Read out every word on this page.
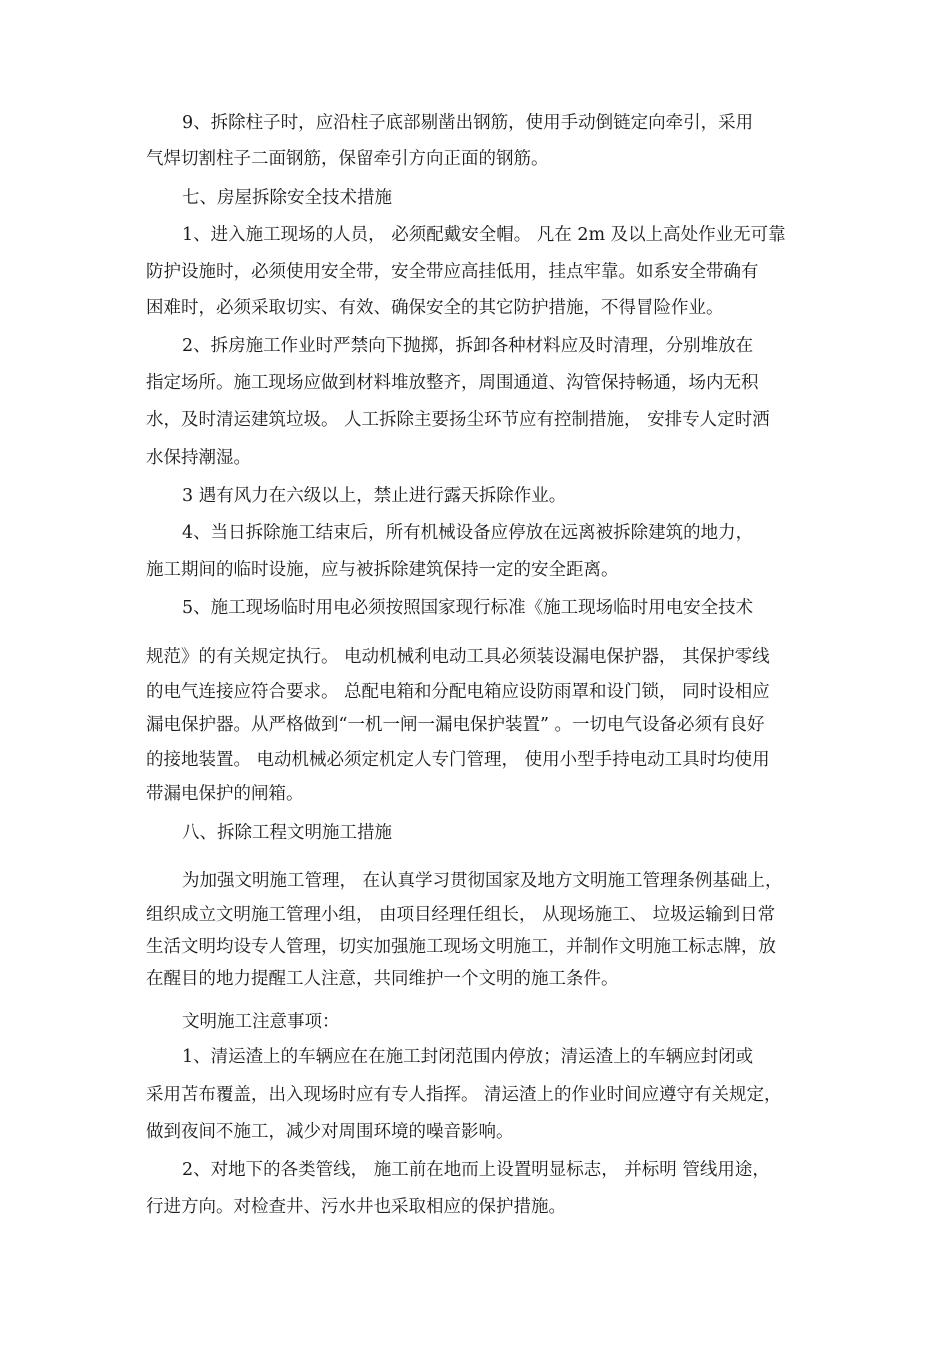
9、拆除柱子时，应沿柱子底部剔凿出钢筋，使用手动倒链定向牵引，采用
气焊切割柱子二面钢筋，保留牵引方向正面的钢筋。
七、房屋拆除安全技术措施
1、进入施工现场的人员， 必须配戴安全帽。 凡在 2m 及以上高处作业无可靠
防护设施时，必须使用安全带，安全带应高挂低用，挂点牢靠。如系安全带确有
困难时，必须采取切实、有效、确保安全的其它防护措施，不得冒险作业。
2、拆房施工作业时严禁向下抛掷，拆卸各种材料应及时清理，分别堆放在
指定场所。施工现场应做到材料堆放整齐，周围通道、沟管保持畅通，场内无积
水，及时清运建筑垃圾。 人工拆除主要扬尘环节应有控制措施， 安排专人定时洒
水保持潮湿。
3 遇有风力在六级以上，禁止进行露天拆除作业。
4、当日拆除施工结束后，所有机械设备应停放在远离被拆除建筑的地力，
施工期间的临时设施，应与被拆除建筑保持一定的安全距离。
5、施工现场临时用电必须按照国家现行标准《施工现场临时用电安全技术
规范》的有关规定执行。 电动机械利电动工具必须装设漏电保护器， 其保护零线
的电气连接应符合要求。 总配电箱和分配电箱应设防雨罩和设门锁， 同时设相应
漏电保护器。从严格做到“一机一闸一漏电保护装置” 。一切电气设备必须有良好
的接地装置。 电动机械必须定机定人专门管理， 使用小型手持电动工具时均使用
带漏电保护的闸箱。
八、拆除工程文明施工措施
为加强文明施工管理， 在认真学习贯彻国家及地方文明施工管理条例基础上，
组织成立文明施工管理小组， 由项目经理任组长， 从现场施工、 垃圾运输到日常
生活文明均设专人管理，切实加强施工现场文明施工，并制作文明施工标志牌，放
在醒目的地力提醒工人注意，共同维护一个文明的施工条件。
文明施工注意事项：
1、清运渣上的车辆应在在施工封闭范围内停放；清运渣上的车辆应封闭或
采用苫布覆盖，出入现场时应有专人指挥。 清运渣上的作业时间应遵守有关规定，
做到夜间不施工，减少对周围环境的噪音影响。
2、对地下的各类管线， 施工前在地而上设置明显标志， 并标明 管线用途，
行进方向。对检查井、污水井也采取相应的保护措施。
